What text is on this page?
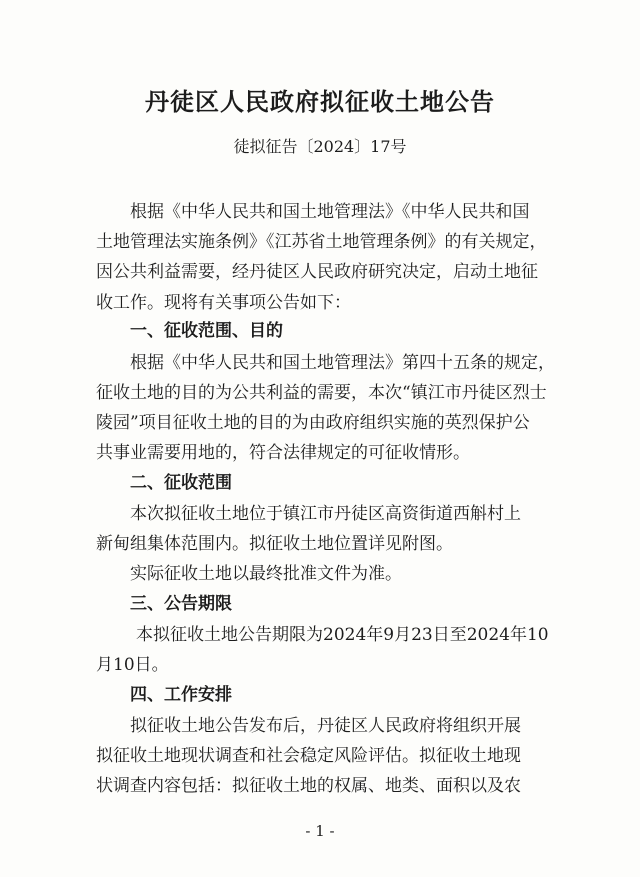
丹徒区人民政府拟征收土地公告
徒拟征告〔2024〕17号
根据《中华人民共和国土地管理法》《中华人民共和国
土地管理法实施条例》《江苏省土地管理条例》的有关规定，
因公共利益需要，经丹徒区人民政府研究决定，启动土地征
收工作。现将有关事项公告如下：
一、征收范围、目的
根据《中华人民共和国土地管理法》第四十五条的规定，
征收土地的目的为公共利益的需要，本次“镇江市丹徒区烈士
陵园”项目征收土地的目的为由政府组织实施的英烈保护公
共事业需要用地的，符合法律规定的可征收情形。
二、征收范围
本次拟征收土地位于镇江市丹徒区高资街道西斛村上
新甸组集体范围内。拟征收土地位置详见附图。
实际征收土地以最终批准文件为准。
三、公告期限
本拟征收土地公告期限为2024年9月23日至2024年10
月10日。
四、工作安排
拟征收土地公告发布后，丹徒区人民政府将组织开展
拟征收土地现状调查和社会稳定风险评估。拟征收土地现
状调查内容包括：拟征收土地的权属、地类、面积以及农
- 1 -
